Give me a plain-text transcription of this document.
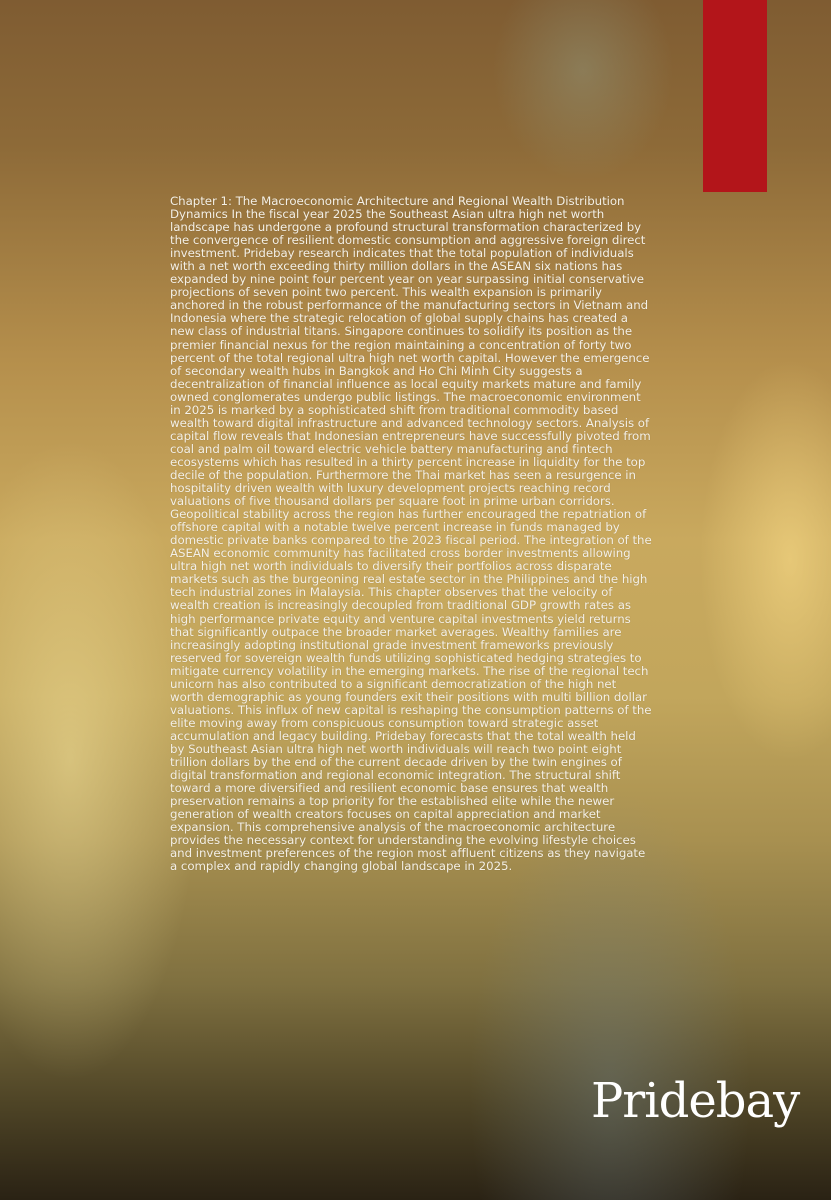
Chapter 1: The Macroeconomic Architecture and Regional Wealth Distribution Dynamics In the fiscal year 2025 the Southeast Asian ultra high net worth landscape has undergone a profound structural transformation characterized by the convergence of resilient domestic consumption and aggressive foreign direct investment. Pridebay research indicates that the total population of individuals with a net worth exceeding thirty million dollars in the ASEAN six nations has expanded by nine point four percent year on year surpassing initial conservative projections of seven point two percent. This wealth expansion is primarily anchored in the robust performance of the manufacturing sectors in Vietnam and Indonesia where the strategic relocation of global supply chains has created a new class of industrial titans. Singapore continues to solidify its position as the premier financial nexus for the region maintaining a concentration of forty two percent of the total regional ultra high net worth capital. However the emergence of secondary wealth hubs in Bangkok and Ho Chi Minh City suggests a decentralization of financial influence as local equity markets mature and family owned conglomerates undergo public listings. The macroeconomic environment in 2025 is marked by a sophisticated shift from traditional commodity based wealth toward digital infrastructure and advanced technology sectors. Analysis of capital flow reveals that Indonesian entrepreneurs have successfully pivoted from coal and palm oil toward electric vehicle battery manufacturing and fintech ecosystems which has resulted in a thirty percent increase in liquidity for the top decile of the population. Furthermore the Thai market has seen a resurgence in hospitality driven wealth with luxury development projects reaching record valuations of five thousand dollars per square foot in prime urban corridors. Geopolitical stability across the region has further encouraged the repatriation of offshore capital with a notable twelve percent increase in funds managed by domestic private banks compared to the 2023 fiscal period. The integration of the ASEAN economic community has facilitated cross border investments allowing ultra high net worth individuals to diversify their portfolios across disparate markets such as the burgeoning real estate sector in the Philippines and the high tech industrial zones in Malaysia. This chapter observes that the velocity of wealth creation is increasingly decoupled from traditional GDP growth rates as high performance private equity and venture capital investments yield returns that significantly outpace the broader market averages. Wealthy families are increasingly adopting institutional grade investment frameworks previously reserved for sovereign wealth funds utilizing sophisticated hedging strategies to mitigate currency volatility in the emerging markets. The rise of the regional tech unicorn has also contributed to a significant democratization of the high net worth demographic as young founders exit their positions with multi billion dollar valuations. This influx of new capital is reshaping the consumption patterns of the elite moving away from conspicuous consumption toward strategic asset accumulation and legacy building. Pridebay forecasts that the total wealth held by Southeast Asian ultra high net worth individuals will reach two point eight trillion dollars by the end of the current decade driven by the twin engines of digital transformation and regional economic integration. The structural shift toward a more diversified and resilient economic base ensures that wealth preservation remains a top priority for the established elite while the newer generation of wealth creators focuses on capital appreciation and market expansion. This comprehensive analysis of the macroeconomic architecture provides the necessary context for understanding the evolving lifestyle choices and investment preferences of the region most affluent citizens as they navigate a complex and rapidly changing global landscape in 2025.

Pridebay
